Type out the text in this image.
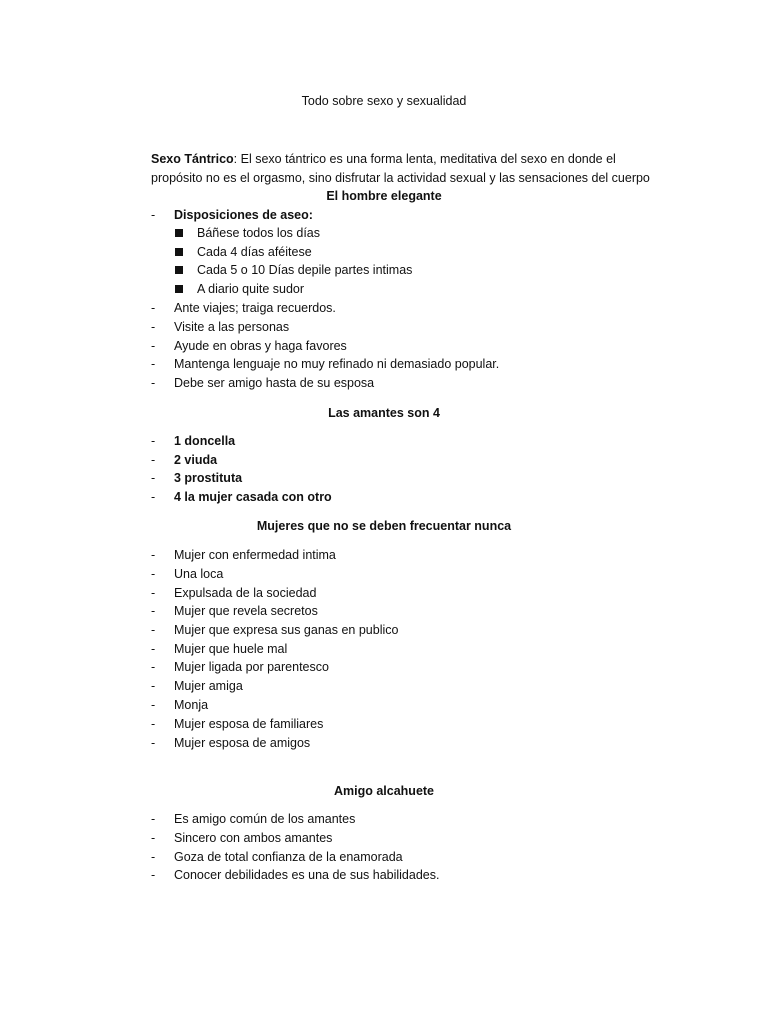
Todo sobre sexo y sexualidad
Sexo Tántrico: El sexo tántrico es una forma lenta, meditativa del sexo en donde el
propósito no es el orgasmo, sino disfrutar la actividad sexual y las sensaciones del cuerpo
El hombre elegante
- Disposiciones de aseo:
Báñese todos los días
Cada 4 días aféitese
Cada 5 o 10 Días depile partes intimas
A diario quite sudor
- Ante viajes; traiga recuerdos.
- Visite a las personas
- Ayude en obras y haga favores
- Mantenga lenguaje no muy refinado ni demasiado popular.
- Debe ser amigo hasta de su esposa
Las amantes son 4
- 1 doncella
- 2 viuda
- 3 prostituta
- 4 la mujer casada con otro
Mujeres que no se deben frecuentar nunca
- Mujer con enfermedad intima
- Una loca
- Expulsada de la sociedad
- Mujer que revela secretos
- Mujer que expresa sus ganas en publico
- Mujer que huele mal
- Mujer ligada por parentesco
- Mujer amiga
- Monja
- Mujer esposa de familiares
- Mujer esposa de amigos
Amigo alcahuete
- Es amigo común de los amantes
- Sincero con ambos amantes
- Goza de total confianza de la enamorada
- Conocer debilidades es una de sus habilidades.
